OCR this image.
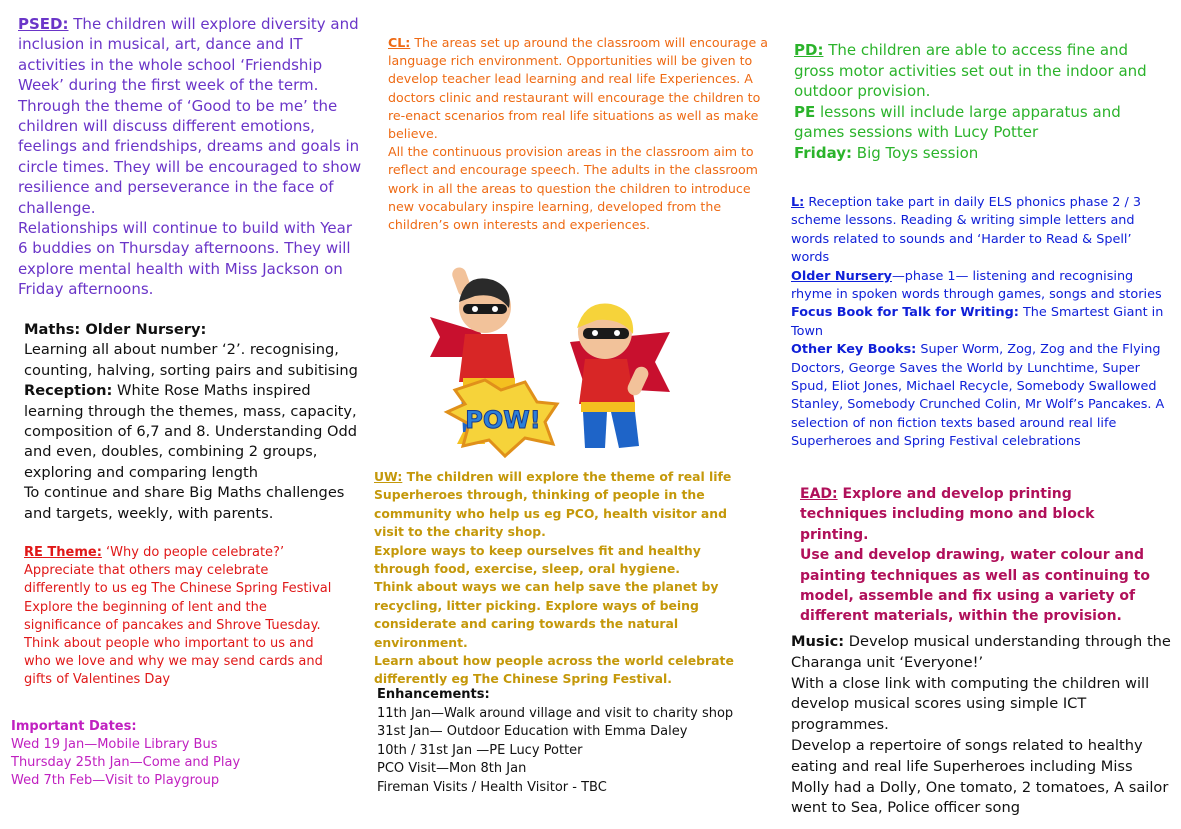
PSED: The children will explore diversity and inclusion in musical, art, dance and IT activities in the whole school ‘Friendship Week’ during the first week of the term. Through the theme of ‘Good to be me’ the children will discuss different emotions, feelings and friendships, dreams and goals in circle times. They will be encouraged to show resilience and perseverance in the face of challenge.

Relationships will continue to build with Year 6 buddies on Thursday afternoons. They will explore mental health with Miss Jackson on Friday afternoons.

Maths: Older Nursery:

Learning all about number ‘2’. recognising, counting, halving, sorting pairs and subitising

Reception: White Rose Maths inspired learning through the themes, mass, capacity, composition of 6,7 and 8. Understanding Odd and even, doubles, combining 2 groups, exploring and comparing length

To continue and share Big Maths challenges and targets, weekly, with parents.

RE Theme: ‘Why do people celebrate?’

Appreciate that others may celebrate differently to us eg The Chinese Spring Festival

Explore the beginning of lent and the significance of pancakes and Shrove Tuesday.

Think about people who important to us and who we love and why we may send cards and gifts of Valentines Day

Important Dates:

Wed 19 Jan—Mobile Library Bus

Thursday 25th Jan—Come and Play

Wed 7th Feb—Visit to Playgroup

CL: The areas set up around the classroom will encourage a language rich environment. Opportunities will be given to develop teacher lead learning and real life Experiences. A doctors clinic and restaurant will encourage the children to re-enact scenarios from real life situations as well as make believe.

All the continuous provision areas in the classroom aim to reflect and encourage speech. The adults in the classroom work in all the areas to question the children to introduce new vocabulary inspire learning, developed from the children’s own interests and experiences.

POW!

UW: The children will explore the theme of real life Superheroes through, thinking of people in the community who help us eg PCO, health visitor and visit to the charity shop.

Explore ways to keep ourselves fit and healthy through food, exercise, sleep, oral hygiene.

Think about ways we can help save the planet by recycling, litter picking. Explore ways of being considerate and caring towards the natural environment.

Learn about how people across the world celebrate differently eg The Chinese Spring Festival.

Enhancements:

11th Jan—Walk around village and visit to charity shop

31st Jan— Outdoor Education with Emma Daley

10th / 31st Jan —PE Lucy Potter

PCO Visit—Mon 8th Jan

Fireman Visits / Health Visitor - TBC

PD: The children are able to access fine and gross motor activities set out in the indoor and outdoor provision.

PE lessons will include large apparatus and games sessions with Lucy Potter

Friday: Big Toys session

L: Reception take part in daily ELS phonics phase 2 / 3 scheme lessons. Reading & writing simple letters and words related to sounds and ‘Harder to Read & Spell’ words

Older Nursery—phase 1— listening and recognising rhyme in spoken words through games, songs and stories

Focus Book for Talk for Writing: The Smartest Giant in Town

Other Key Books: Super Worm, Zog, Zog and the Flying Doctors, George Saves the World by Lunchtime, Super Spud, Eliot Jones, Michael Recycle, Somebody Swallowed Stanley, Somebody Crunched Colin, Mr Wolf’s Pancakes. A selection of non fiction texts based around real life Superheroes and Spring Festival celebrations

EAD: Explore and develop printing techniques including mono and block printing.

Use and develop drawing, water colour and painting techniques as well as continuing to model, assemble and fix using a variety of different materials, within the provision.

Music: Develop musical understanding through the Charanga unit ‘Everyone!’

With a close link with computing the children will develop musical scores using simple ICT programmes.

Develop a repertoire of songs related to healthy eating and real life Superheroes including Miss Molly had a Dolly, One tomato, 2 tomatoes, A sailor went to Sea, Police officer song
